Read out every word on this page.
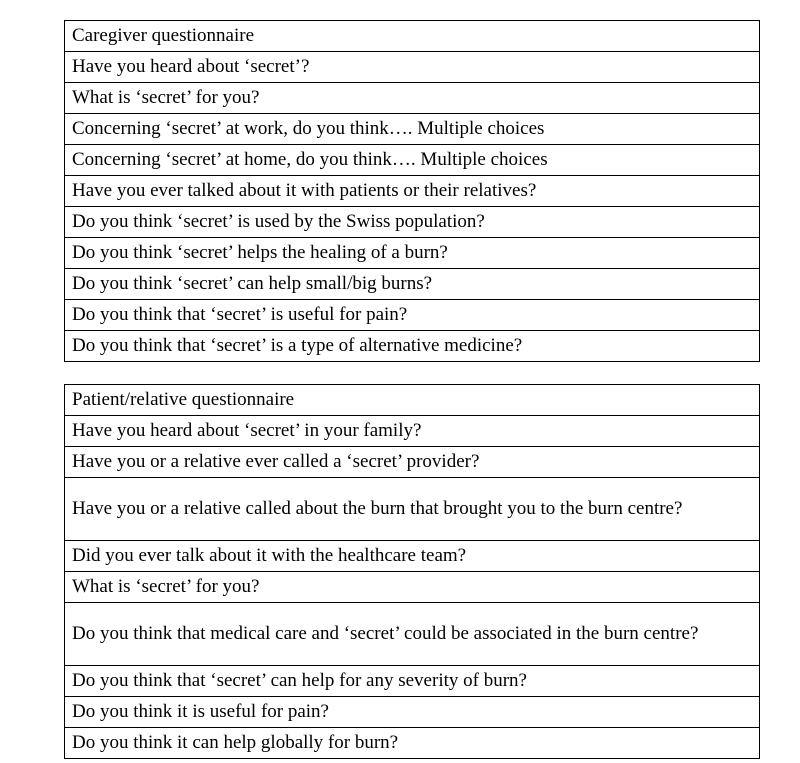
Caregiver questionnaire
Have you heard about ‘secret’?
What is ‘secret’ for you?
Concerning ‘secret’ at work, do you think…. Multiple choices
Concerning ‘secret’ at home, do you think…. Multiple choices
Have you ever talked about it with patients or their relatives?
Do you think ‘secret’ is used by the Swiss population?
Do you think ‘secret’ helps the healing of a burn?
Do you think ‘secret’ can help small/big burns?
Do you think that ‘secret’ is useful for pain?
Do you think that ‘secret’ is a type of alternative medicine?
Patient/relative questionnaire
Have you heard about ‘secret’ in your family?
Have you or a relative ever called a ‘secret’ provider?
Have you or a relative called about the burn that brought you to the burn centre?
Did you ever talk about it with the healthcare team?
What is ‘secret’ for you?
Do you think that medical care and ‘secret’ could be associated in the burn centre?
Do you think that ‘secret’ can help for any severity of burn?
Do you think it is useful for pain?
Do you think it can help globally for burn?
